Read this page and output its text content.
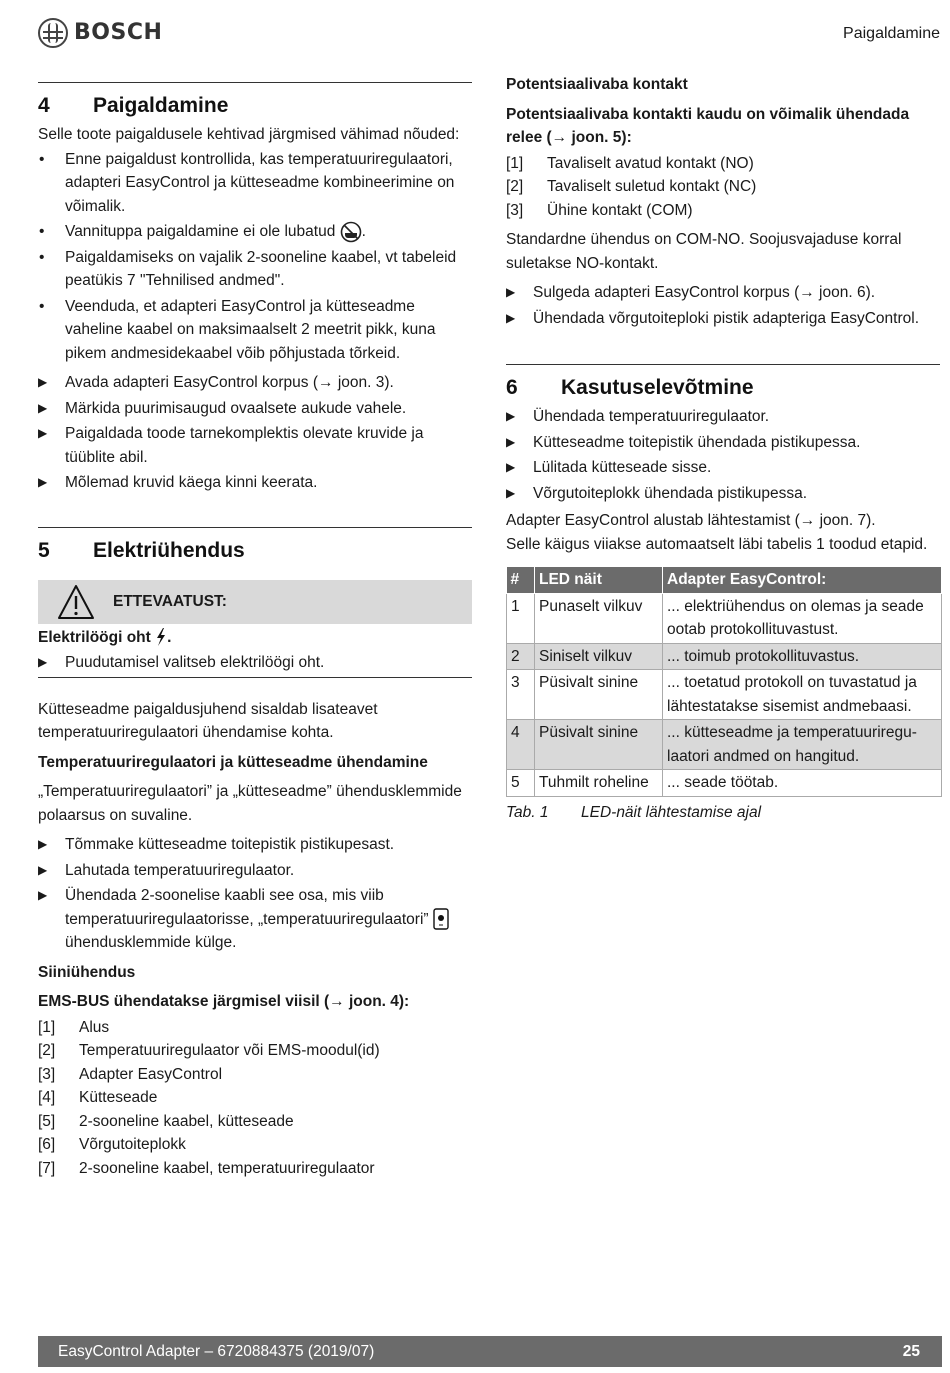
BOSCH	Paigaldamine
4	Paigaldamine

Selle toote paigaldusele kehtivad järgmised vähimad nõuded:

• Enne paigaldust kontrollida, kas temperatuuriregulaatori, adapteri EasyControl ja kütteseadme kombineerimine on võimalik.
• Vannituppa paigaldamine ei ole lubatud .
• Paigaldamiseks on vajalik 2-sooneline kaabel, vt tabeleid peatükis 7 "Tehnilised andmed".
• Veenduda, et adapteri EasyControl ja kütteseadme vaheline kaabel on maksimaalselt 2 meetrit pikk, kuna pikem andmesidekaabel võib põhjustada tõrkeid.
▶ Avada adapteri EasyControl korpus (→ joon. 3).
▶ Märkida puurimisaugud ovaalsete aukude vahele.
▶ Paigaldada toode tarnekomplektis olevate kruvide ja tüüblite abil.
▶ Mõlemad kruvid käega kinni keerata.
5	Elektriühendus
ETTEVAATUST:

Elektrilöögi oht .

▶ Puudutamisel valitseb elektrilöögi oht.

Kütteseadme paigaldusjuhend sisaldab lisateavet temperatuuriregulaatori ühendamise kohta.

Temperatuuriregulaatori ja kütteseadme ühendamine

„Temperatuuriregulaatori” ja „kütteseadme” ühendusklemmide polaarsus on suvaline.

▶ Tõmmake kütteseadme toitepistik pistikupesast.
▶ Lahutada temperatuuriregulaator.
▶ Ühendada 2-soonelise kaabli see osa, mis viib temperatuuriregulaatorisse, „temperatuuriregulaatori”
ühendusklemmide külge.

Siiniühendus

EMS-BUS ühendatakse järgmisel viisil (→ joon. 4):

[1]	Alus
[2]	Temperatuuriregulaator või EMS-moodul(id)
[3]	Adapter EasyControl
[4]	Kütteseade
[5]	2-sooneline kaabel, kütteseade
[6]	Võrgutoiteplokk
[7]	2-sooneline kaabel, temperatuuriregulaator

Potentsiaalivaba kontakt

Potentsiaalivaba kontakti kaudu on võimalik ühendada relee (→ joon. 5):

[1]	Tavaliselt avatud kontakt (NO)
[2]	Tavaliselt suletud kontakt (NC)
[3]	Ühine kontakt (COM)

Standardne ühendus on COM-NO. Soojusvajaduse korral suletakse NO-kontakt.

▶ Sulgeda adapteri EasyControl korpus (→ joon. 6).
▶ Ühendada võrgutoiteploki pistik adapteriga EasyControl.
6	Kasutuselevõtmine
▶ Ühendada temperatuuriregulaator.
▶ Kütteseadme toitepistik ühendada pistikupessa.
▶ Lülitada kütteseade sisse.
▶ Võrgutoiteplokk ühendada pistikupessa.

Adapter EasyControl alustab lähtestamist (→ joon. 7).

Selle käigus viiakse automaatselt läbi tabelis 1 toodud etapid.

#	LED näit	Adapter EasyControl:
1	Punaselt vilkuv	... elektriühendus on olemas ja seade ootab protokollituvastust.
2	Siniselt vilkuv	... toimub protokollituvastus.
3	Püsivalt sinine	... toetatud protokoll on tuvastatud ja lähtestatakse sisemist andmebaasi.
4	Püsivalt sinine	... kütteseadme ja temperatuuriregulaatori andmed on hangitud.
5	Tuhmilt roheline	... seade töötab.
Tab. 1	LED-näit lähtestamise ajal
EasyControl Adapter – 6720884375 (2019/07)	25
